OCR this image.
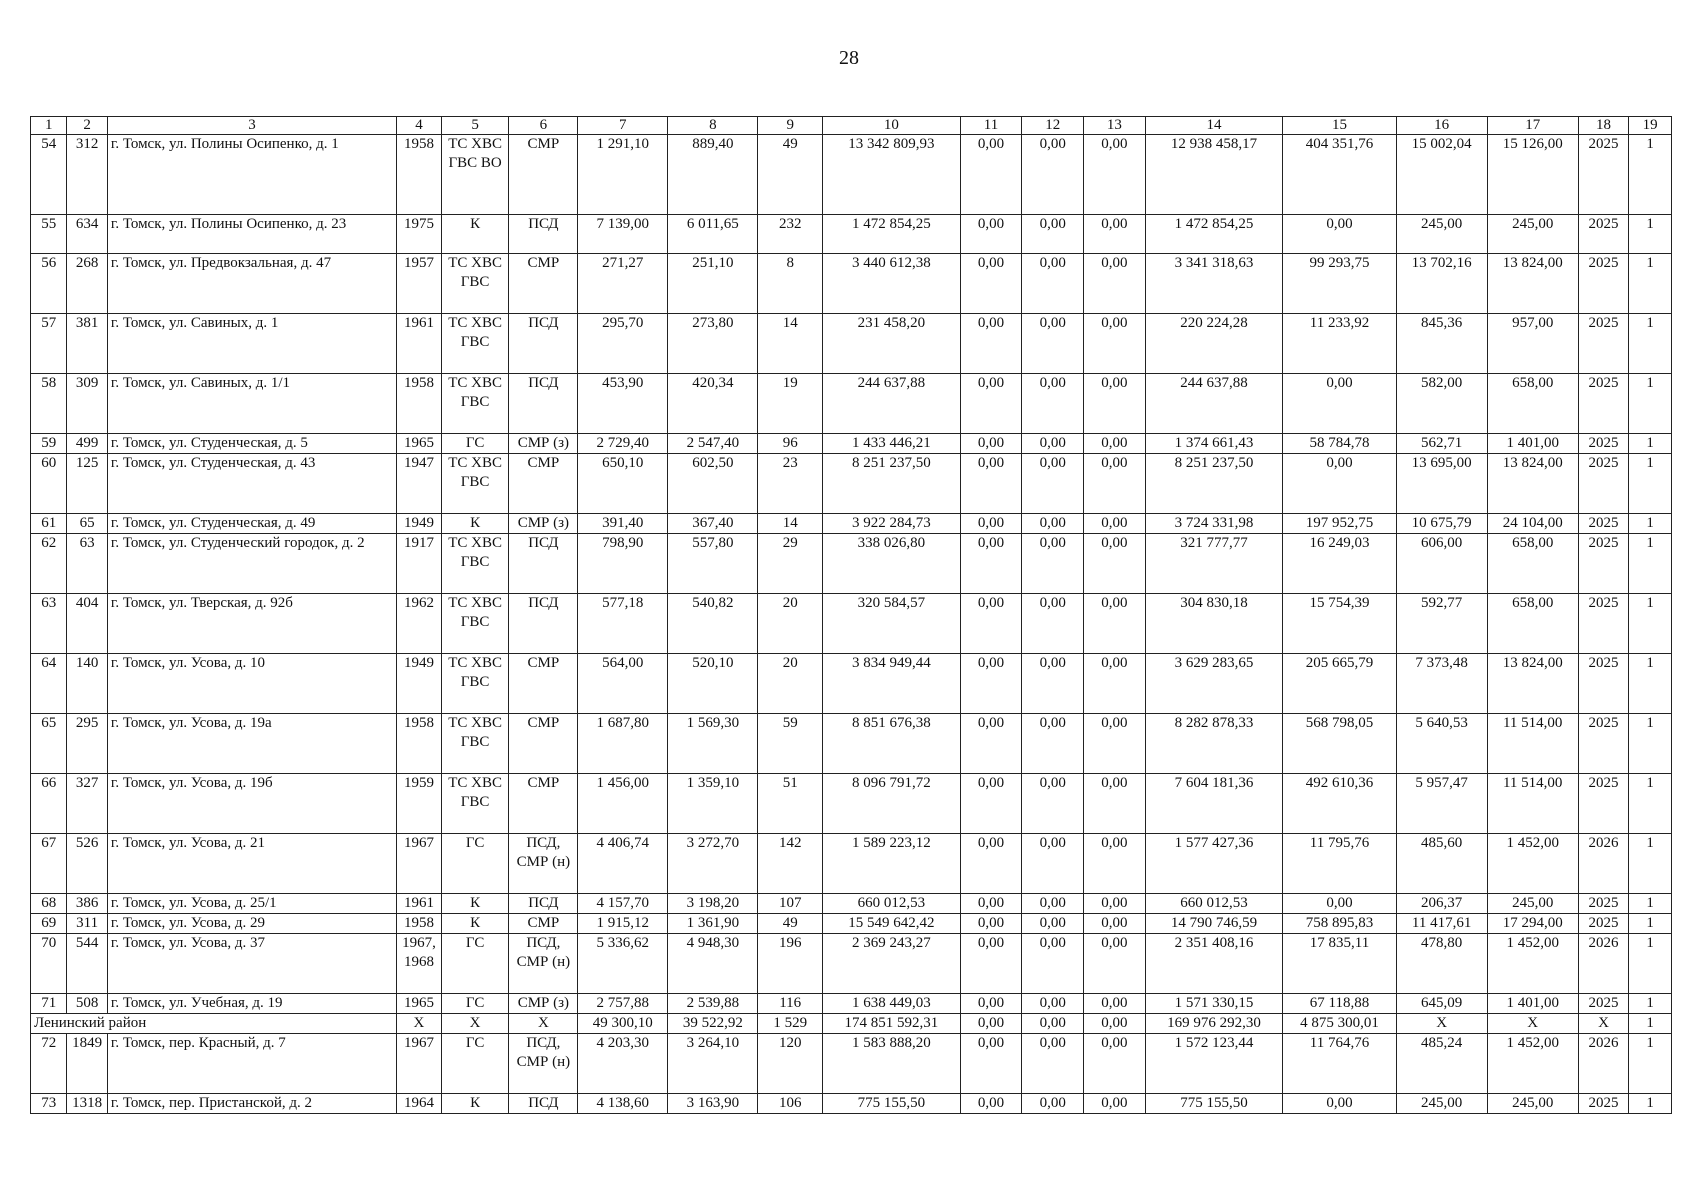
28
1	2	3	4	5	6	7	8	9	10	11	12	13	14	15	16	17	18	19
54	312	г. Томск, ул. Полины Осипенко, д. 1	1958	ТС ХВС ГВС ВО	СМР	1 291,10	889,40	49	13 342 809,93	0,00	0,00	0,00	12 938 458,17	404 351,76	15 002,04	15 126,00	2025	1
55	634	г. Томск, ул. Полины Осипенко, д. 23	1975	К	ПСД	7 139,00	6 011,65	232	1 472 854,25	0,00	0,00	0,00	1 472 854,25	0,00	245,00	245,00	2025	1
56	268	г. Томск, ул. Предвокзальная, д. 47	1957	ТС ХВС ГВС	СМР	271,27	251,10	8	3 440 612,38	0,00	0,00	0,00	3 341 318,63	99 293,75	13 702,16	13 824,00	2025	1
57	381	г. Томск, ул. Савиных, д. 1	1961	ТС ХВС ГВС	ПСД	295,70	273,80	14	231 458,20	0,00	0,00	0,00	220 224,28	11 233,92	845,36	957,00	2025	1
58	309	г. Томск, ул. Савиных, д. 1/1	1958	ТС ХВС ГВС	ПСД	453,90	420,34	19	244 637,88	0,00	0,00	0,00	244 637,88	0,00	582,00	658,00	2025	1
59	499	г. Томск, ул. Студенческая, д. 5	1965	ГС	СМР (з)	2 729,40	2 547,40	96	1 433 446,21	0,00	0,00	0,00	1 374 661,43	58 784,78	562,71	1 401,00	2025	1
60	125	г. Томск, ул. Студенческая, д. 43	1947	ТС ХВС ГВС	СМР	650,10	602,50	23	8 251 237,50	0,00	0,00	0,00	8 251 237,50	0,00	13 695,00	13 824,00	2025	1
61	65	г. Томск, ул. Студенческая, д. 49	1949	К	СМР (з)	391,40	367,40	14	3 922 284,73	0,00	0,00	0,00	3 724 331,98	197 952,75	10 675,79	24 104,00	2025	1
62	63	г. Томск, ул. Студенческий городок, д. 2	1917	ТС ХВС ГВС	ПСД	798,90	557,80	29	338 026,80	0,00	0,00	0,00	321 777,77	16 249,03	606,00	658,00	2025	1
63	404	г. Томск, ул. Тверская, д. 92б	1962	ТС ХВС ГВС	ПСД	577,18	540,82	20	320 584,57	0,00	0,00	0,00	304 830,18	15 754,39	592,77	658,00	2025	1
64	140	г. Томск, ул. Усова, д. 10	1949	ТС ХВС ГВС	СМР	564,00	520,10	20	3 834 949,44	0,00	0,00	0,00	3 629 283,65	205 665,79	7 373,48	13 824,00	2025	1
65	295	г. Томск, ул. Усова, д. 19а	1958	ТС ХВС ГВС	СМР	1 687,80	1 569,30	59	8 851 676,38	0,00	0,00	0,00	8 282 878,33	568 798,05	5 640,53	11 514,00	2025	1
66	327	г. Томск, ул. Усова, д. 19б	1959	ТС ХВС ГВС	СМР	1 456,00	1 359,10	51	8 096 791,72	0,00	0,00	0,00	7 604 181,36	492 610,36	5 957,47	11 514,00	2025	1
67	526	г. Томск, ул. Усова, д. 21	1967	ГС	ПСД, СМР (н)	4 406,74	3 272,70	142	1 589 223,12	0,00	0,00	0,00	1 577 427,36	11 795,76	485,60	1 452,00	2026	1
68	386	г. Томск, ул. Усова, д. 25/1	1961	К	ПСД	4 157,70	3 198,20	107	660 012,53	0,00	0,00	0,00	660 012,53	0,00	206,37	245,00	2025	1
69	311	г. Томск, ул. Усова, д. 29	1958	К	СМР	1 915,12	1 361,90	49	15 549 642,42	0,00	0,00	0,00	14 790 746,59	758 895,83	11 417,61	17 294,00	2025	1
70	544	г. Томск, ул. Усова, д. 37	1967, 1968	ГС	ПСД, СМР (н)	5 336,62	4 948,30	196	2 369 243,27	0,00	0,00	0,00	2 351 408,16	17 835,11	478,80	1 452,00	2026	1
71	508	г. Томск, ул. Учебная, д. 19	1965	ГС	СМР (з)	2 757,88	2 539,88	116	1 638 449,03	0,00	0,00	0,00	1 571 330,15	67 118,88	645,09	1 401,00	2025	1
Ленинский район			Х	Х	Х	49 300,10	39 522,92	1 529	174 851 592,31	0,00	0,00	0,00	169 976 292,30	4 875 300,01	Х	Х	Х	1
72	1849	г. Томск, пер. Красный, д. 7	1967	ГС	ПСД, СМР (н)	4 203,30	3 264,10	120	1 583 888,20	0,00	0,00	0,00	1 572 123,44	11 764,76	485,24	1 452,00	2026	1
73	1318	г. Томск, пер. Пристанской, д. 2	1964	К	ПСД	4 138,60	3 163,90	106	775 155,50	0,00	0,00	0,00	775 155,50	0,00	245,00	245,00	2025	1
